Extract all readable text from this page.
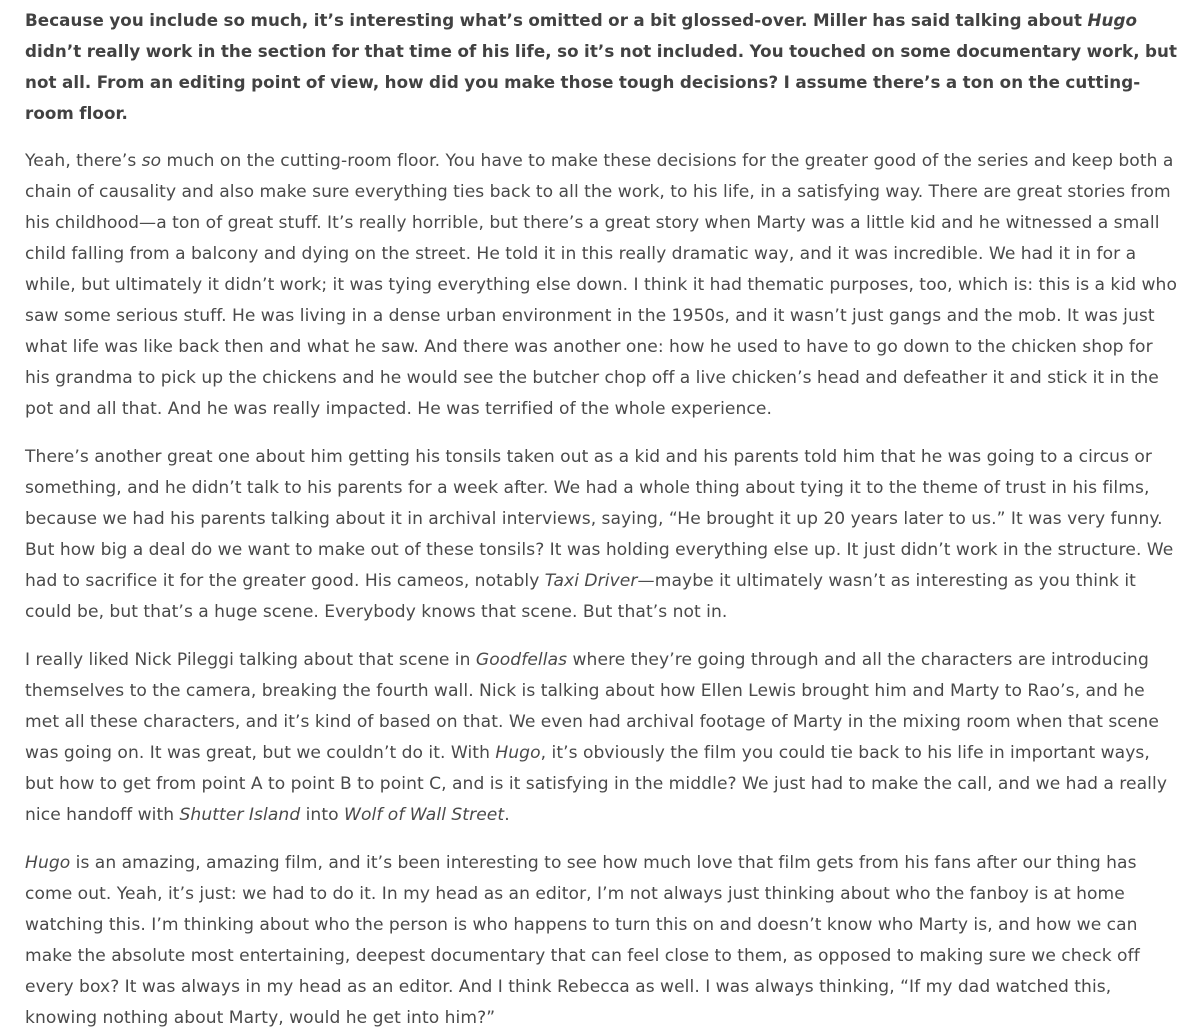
Because you include so much, it’s interesting what’s omitted or a bit glossed-over. Miller has said talking about Hugo didn’t really work in the section for that time of his life, so it’s not included. You touched on some documentary work, but not all. From an editing point of view, how did you make those tough decisions? I assume there’s a ton on the cutting-room floor.

Yeah, there’s so much on the cutting-room floor. You have to make these decisions for the greater good of the series and keep both a chain of causality and also make sure everything ties back to all the work, to his life, in a satisfying way. There are great stories from his childhood—a ton of great stuff. It’s really horrible, but there’s a great story when Marty was a little kid and he witnessed a small child falling from a balcony and dying on the street. He told it in this really dramatic way, and it was incredible. We had it in for a while, but ultimately it didn’t work; it was tying everything else down. I think it had thematic purposes, too, which is: this is a kid who saw some serious stuff. He was living in a dense urban environment in the 1950s, and it wasn’t just gangs and the mob. It was just what life was like back then and what he saw. And there was another one: how he used to have to go down to the chicken shop for his grandma to pick up the chickens and he would see the butcher chop off a live chicken’s head and defeather it and stick it in the pot and all that. And he was really impacted. He was terrified of the whole experience.

There’s another great one about him getting his tonsils taken out as a kid and his parents told him that he was going to a circus or something, and he didn’t talk to his parents for a week after. We had a whole thing about tying it to the theme of trust in his films, because we had his parents talking about it in archival interviews, saying, “He brought it up 20 years later to us.” It was very funny. But how big a deal do we want to make out of these tonsils? It was holding everything else up. It just didn’t work in the structure. We had to sacrifice it for the greater good. His cameos, notably Taxi Driver—maybe it ultimately wasn’t as interesting as you think it could be, but that’s a huge scene. Everybody knows that scene. But that’s not in.

I really liked Nick Pileggi talking about that scene in Goodfellas where they’re going through and all the characters are introducing themselves to the camera, breaking the fourth wall. Nick is talking about how Ellen Lewis brought him and Marty to Rao’s, and he met all these characters, and it’s kind of based on that. We even had archival footage of Marty in the mixing room when that scene was going on. It was great, but we couldn’t do it. With Hugo, it’s obviously the film you could tie back to his life in important ways, but how to get from point A to point B to point C, and is it satisfying in the middle? We just had to make the call, and we had a really nice handoff with Shutter Island into Wolf of Wall Street.

Hugo is an amazing, amazing film, and it’s been interesting to see how much love that film gets from his fans after our thing has come out. Yeah, it’s just: we had to do it. In my head as an editor, I’m not always just thinking about who the fanboy is at home watching this. I’m thinking about who the person is who happens to turn this on and doesn’t know who Marty is, and how we can make the absolute most entertaining, deepest documentary that can feel close to them, as opposed to making sure we check off every box? It was always in my head as an editor. And I think Rebecca as well. I was always thinking, “If my dad watched this, knowing nothing about Marty, would he get into him?”
